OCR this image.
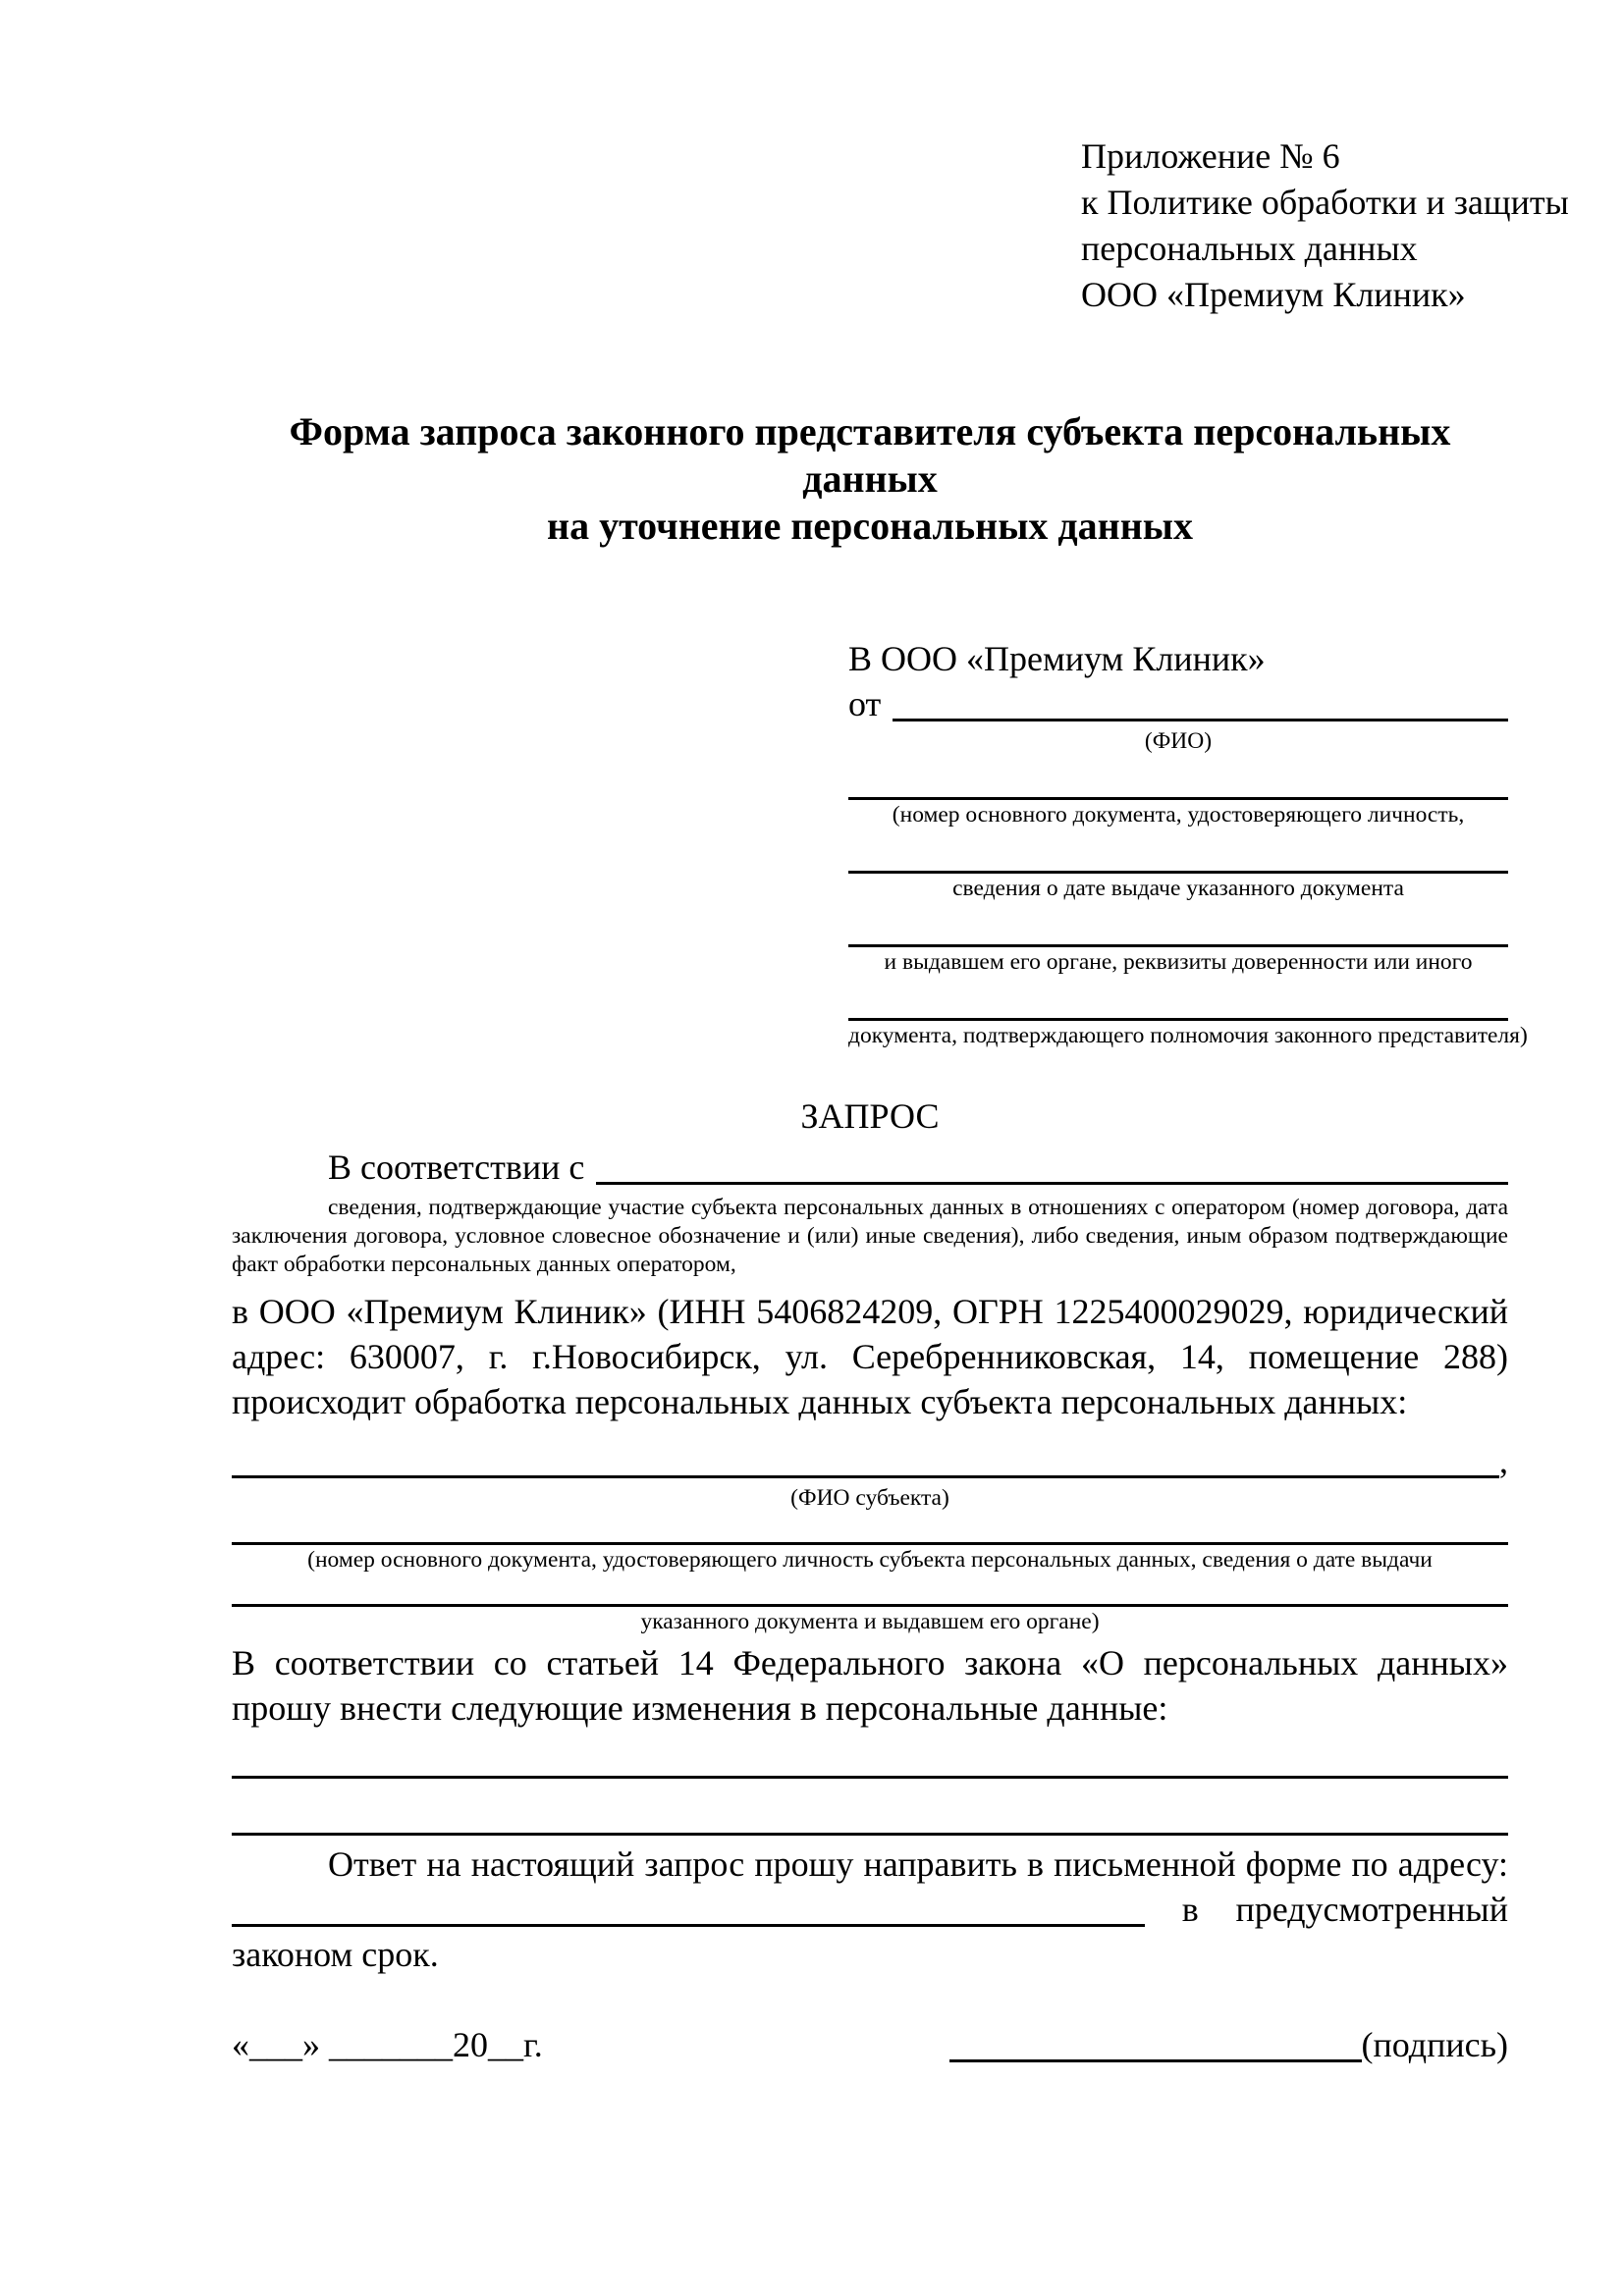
Приложение № 6
к Политике обработки и защиты
персональных данных
ООО «Премиум Клиник»
Форма запроса законного представителя субъекта персональных данных
на уточнение персональных данных
В ООО «Премиум Клиник»
от
(ФИО)
(номер основного документа, удостоверяющего личность,
сведения о дате выдаче указанного документа
и выдавшем его органе, реквизиты доверенности или иного
документа, подтверждающего полномочия законного представителя)
ЗАПРОС
В соответствии с

сведения, подтверждающие участие субъекта персональных данных в отношениях с оператором (номер договора, дата заключения договора, условное словесное обозначение и (или) иные сведения), либо сведения, иным образом подтверждающие факт обработки персональных данных оператором,

в ООО «Премиум Клиник» (ИНН 5406824209, ОГРН 1225400029029, юридический адрес: 630007, г. г.Новосибирск, ул. Серебренниковская, 14, помещение 288) происходит обработка персональных данных субъекта персональных данных:

,
(ФИО субъекта)
(номер основного документа, удостоверяющего личность субъекта персональных данных, сведения о дате выдачи
указанного документа и выдавшем его органе)

В соответствии со статьей 14 Федерального закона «О персональных данных» прошу внести следующие изменения в персональные данные:

Ответ на настоящий запрос прошу направить в письменной форме по адресу:

в предусмотренный
законом срок.
«___» _______20__г.	(подпись)
